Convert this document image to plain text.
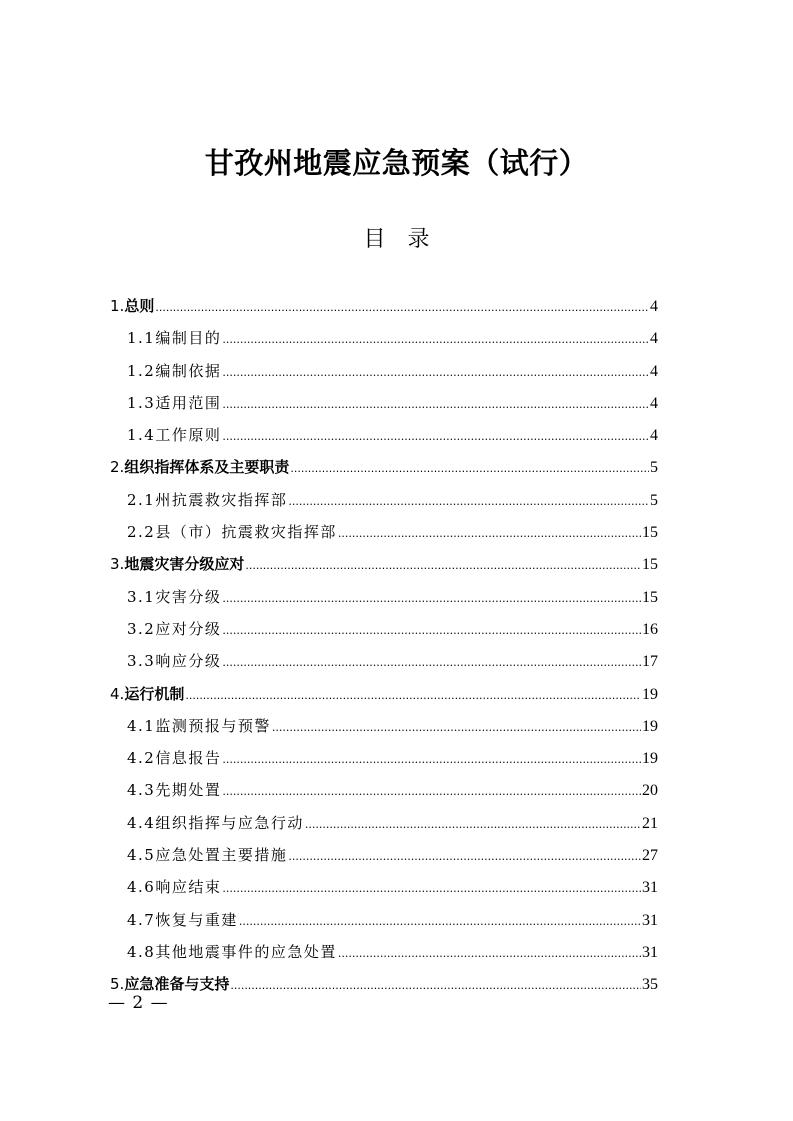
甘孜州地震应急预案（试行）
目 录
1. 总则 .....	4
1.1 编制目的 .....	4
1.2 编制依据 .....	4
1.3 适用范围 .....	4
1.4 工作原则 .....	4
2. 组织指挥体系及主要职责 .....	5
2.1 州抗震救灾指挥部 .....	5
2.2 县（市）抗震救灾指挥部 .....	15
3. 地震灾害分级应对 .....	15
3.1 灾害分级 .....	15
3.2 应对分级 .....	16
3.3 响应分级 .....	17
4. 运行机制 .....	19
4.1 监测预报与预警 .....	19
4.2 信息报告 .....	19
4.3 先期处置 .....	20
4.4 组织指挥与应急行动 .....	21
4.5 应急处置主要措施 .....	27
4.6 响应结束 .....	31
4.7 恢复与重建 .....	31
4.8 其他地震事件的应急处置 .....	31
5. 应急准备与支持 .....	35
— 2 —
